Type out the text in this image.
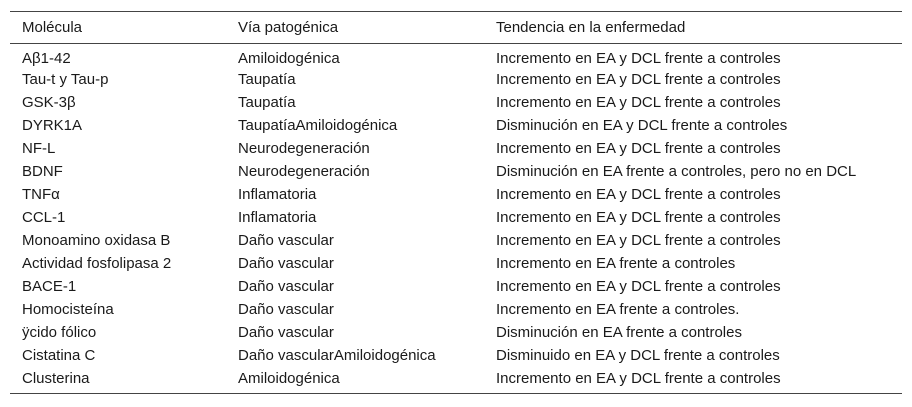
Molécula	Vía patogénica	Tendencia en la enfermedad
Aβ1-42	Amiloidogénica	Incremento en EA y DCL frente a controles
Tau-t y Tau-p	Taupatía	Incremento en EA y DCL frente a controles
GSK-3β	Taupatía	Incremento en EA y DCL frente a controles
DYRK1A	TaupatíaAmiloidogénica	Disminución en EA y DCL frente a controles
NF-L	Neurodegeneración	Incremento en EA y DCL frente a controles
BDNF	Neurodegeneración	Disminución en EA frente a controles, pero no en DCL
TNFα	Inflamatoria	Incremento en EA y DCL frente a controles
CCL-1	Inflamatoria	Incremento en EA y DCL frente a controles
Monoamino oxidasa B	Daño vascular	Incremento en EA y DCL frente a controles
Actividad fosfolipasa 2	Daño vascular	Incremento en EA frente a controles
BACE-1	Daño vascular	Incremento en EA y DCL frente a controles
Homocisteína	Daño vascular	Incremento en EA frente a controles.
ÿcido fólico	Daño vascular	Disminución en EA frente a controles
Cistatina C	Daño vascularAmiloidogénica	Disminuido en EA y DCL frente a controles
Clusterina	Amiloidogénica	Incremento en EA y DCL frente a controles
